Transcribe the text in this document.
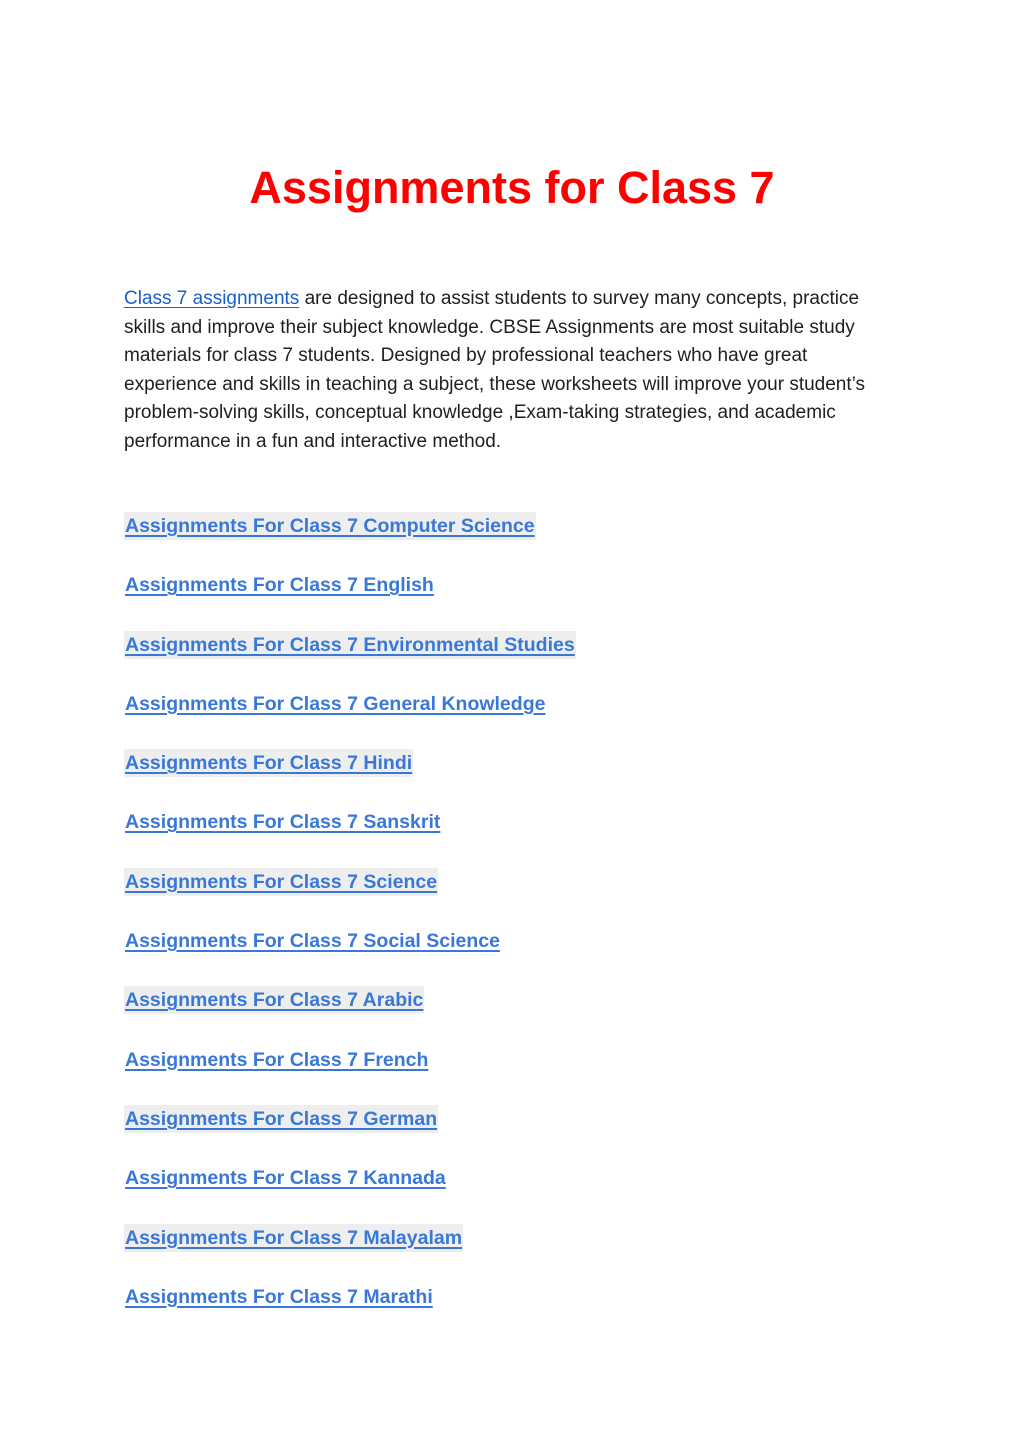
Assignments for Class 7

Class 7 assignments are designed to assist students to survey many concepts, practice skills and improve their subject knowledge. CBSE Assignments are most suitable study materials for class 7 students. Designed by professional teachers who have great experience and skills in teaching a subject, these worksheets will improve your student’s problem-solving skills, conceptual knowledge ,Exam-taking strategies, and academic performance in a fun and interactive method.

Assignments For Class 7 Computer Science
Assignments For Class 7 English
Assignments For Class 7 Environmental Studies
Assignments For Class 7 General Knowledge
Assignments For Class 7 Hindi
Assignments For Class 7 Sanskrit
Assignments For Class 7 Science
Assignments For Class 7 Social Science
Assignments For Class 7 Arabic
Assignments For Class 7 French
Assignments For Class 7 German
Assignments For Class 7 Kannada
Assignments For Class 7 Malayalam
Assignments For Class 7 Marathi
